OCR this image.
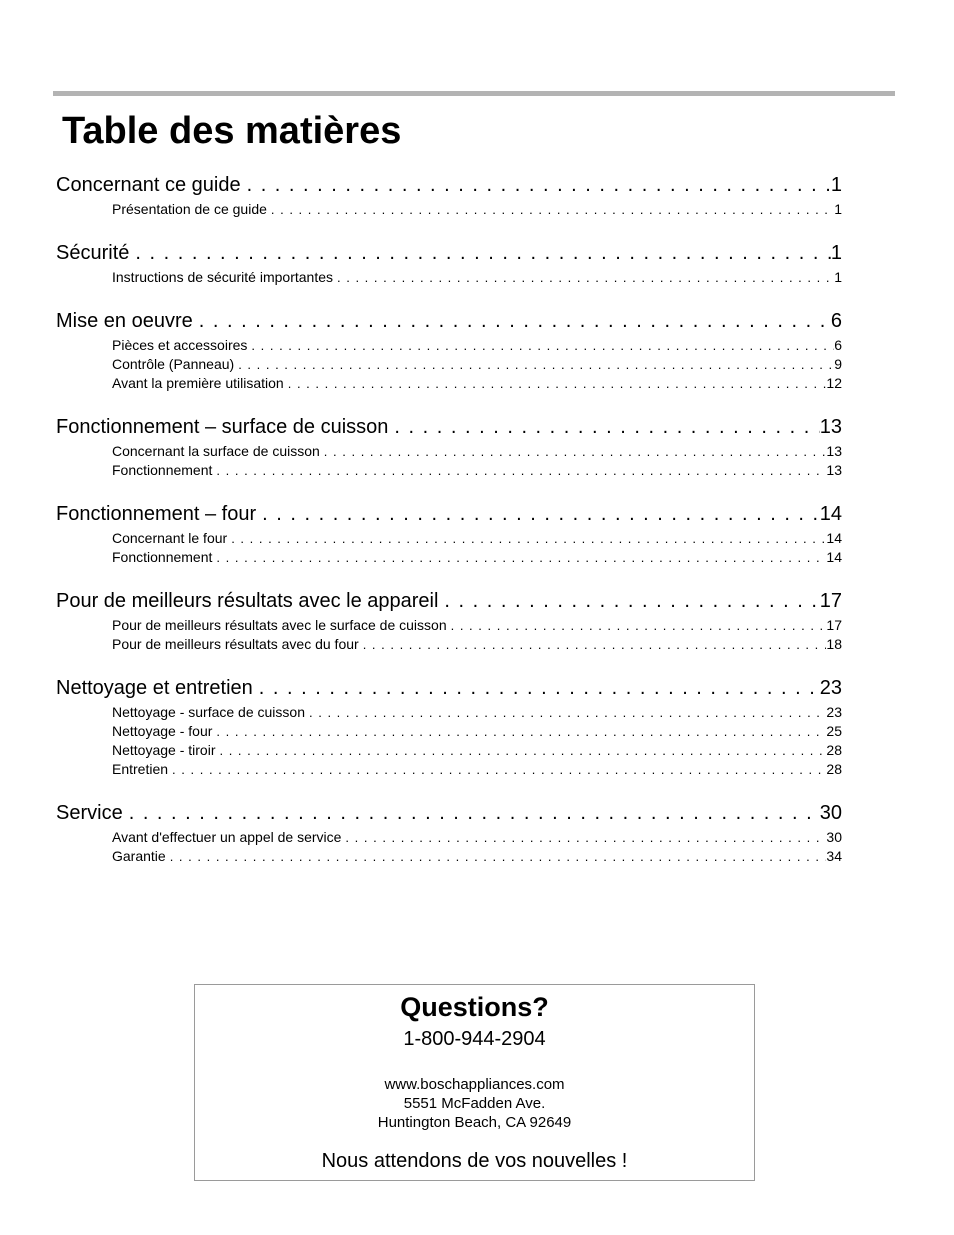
Table des matières
Concernant ce guide . . .	1
Présentation de ce guide . . .	1
Sécurité . . .	1
Instructions de sécurité importantes . . .	1
Mise en oeuvre . . .	6
Pièces et accessoires . . .	6
Contrôle (Panneau) . . .	9
Avant la première utilisation . . .	12
Fonctionnement – surface de cuisson . . .	13
Concernant la surface de cuisson . . .	13
Fonctionnement . . .	13
Fonctionnement – four . . .	14
Concernant le four . . .	14
Fonctionnement . . .	14
Pour de meilleurs résultats avec le appareil . . .	17
Pour de meilleurs résultats avec le surface de cuisson . . .	17
Pour de meilleurs résultats avec du four . . .	18
Nettoyage et entretien . . .	23
Nettoyage - surface de cuisson . . .	23
Nettoyage - four . . .	25
Nettoyage - tiroir . . .	28
Entretien . . .	28
Service . . .	30
Avant d'effectuer un appel de service . . .	30
Garantie . . .	34
Questions?
1-800-944-2904
www.boschappliances.com
5551 McFadden Ave.
Huntington Beach, CA 92649
Nous attendons de vos nouvelles !
